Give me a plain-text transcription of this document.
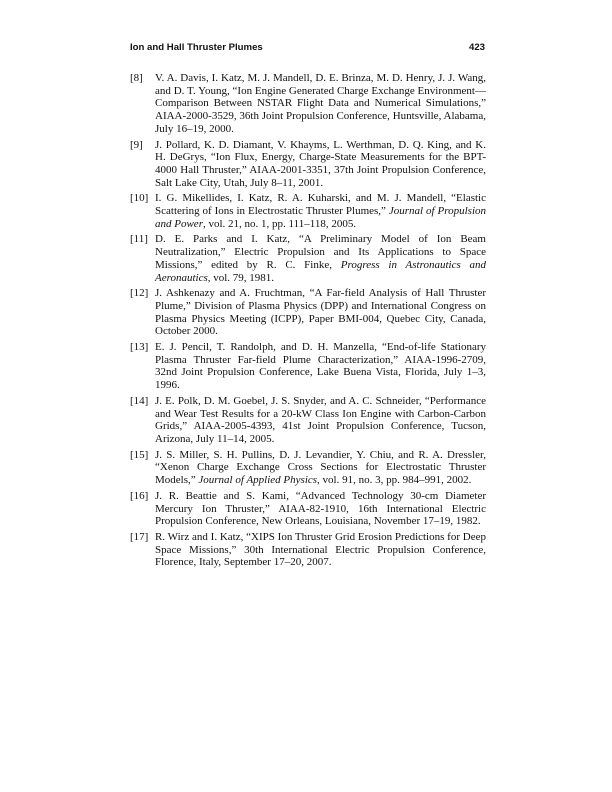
Ion and Hall Thruster Plumes	423
[8] V. A. Davis, I. Katz, M. J. Mandell, D. E. Brinza, M. D. Henry, J. J. Wang, and D. T. Young, “Ion Engine Generated Charge Exchange Environment—Comparison Between NSTAR Flight Data and Numerical Simulations,” AIAA-2000-3529, 36th Joint Propulsion Conference, Huntsville, Alabama, July 16–19, 2000.
[9] J. Pollard, K. D. Diamant, V. Khayms, L. Werthman, D. Q. King, and K. H. DeGrys, “Ion Flux, Energy, Charge-State Measurements for the BPT-4000 Hall Thruster,” AIAA-2001-3351, 37th Joint Propulsion Conference, Salt Lake City, Utah, July 8–11, 2001.
[10] I. G. Mikellides, I. Katz, R. A. Kuharski, and M. J. Mandell, “Elastic Scattering of Ions in Electrostatic Thruster Plumes,” Journal of Propulsion and Power, vol. 21, no. 1, pp. 111–118, 2005.
[11] D. E. Parks and I. Katz, “A Preliminary Model of Ion Beam Neutralization,” Electric Propulsion and Its Applications to Space Missions,” edited by R. C. Finke, Progress in Astronautics and Aeronautics, vol. 79, 1981.
[12] J. Ashkenazy and A. Fruchtman, “A Far-field Analysis of Hall Thruster Plume,” Division of Plasma Physics (DPP) and International Congress on Plasma Physics Meeting (ICPP), Paper BMI-004, Quebec City, Canada, October 2000.
[13] E. J. Pencil, T. Randolph, and D. H. Manzella, “End-of-life Stationary Plasma Thruster Far-field Plume Characterization,” AIAA-1996-2709, 32nd Joint Propulsion Conference, Lake Buena Vista, Florida, July 1–3, 1996.
[14] J. E. Polk, D. M. Goebel, J. S. Snyder, and A. C. Schneider, “Performance and Wear Test Results for a 20-kW Class Ion Engine with Carbon-Carbon Grids,” AIAA-2005-4393, 41st Joint Propulsion Conference, Tucson, Arizona, July 11–14, 2005.
[15] J. S. Miller, S. H. Pullins, D. J. Levandier, Y. Chiu, and R. A. Dressler, “Xenon Charge Exchange Cross Sections for Electrostatic Thruster Models,” Journal of Applied Physics, vol. 91, no. 3, pp. 984–991, 2002.
[16] J. R. Beattie and S. Kami, “Advanced Technology 30-cm Diameter Mercury Ion Thruster,” AIAA-82-1910, 16th International Electric Propulsion Conference, New Orleans, Louisiana, November 17–19, 1982.
[17] R. Wirz and I. Katz, “XIPS Ion Thruster Grid Erosion Predictions for Deep Space Missions,” 30th International Electric Propulsion Conference, Florence, Italy, September 17–20, 2007.
